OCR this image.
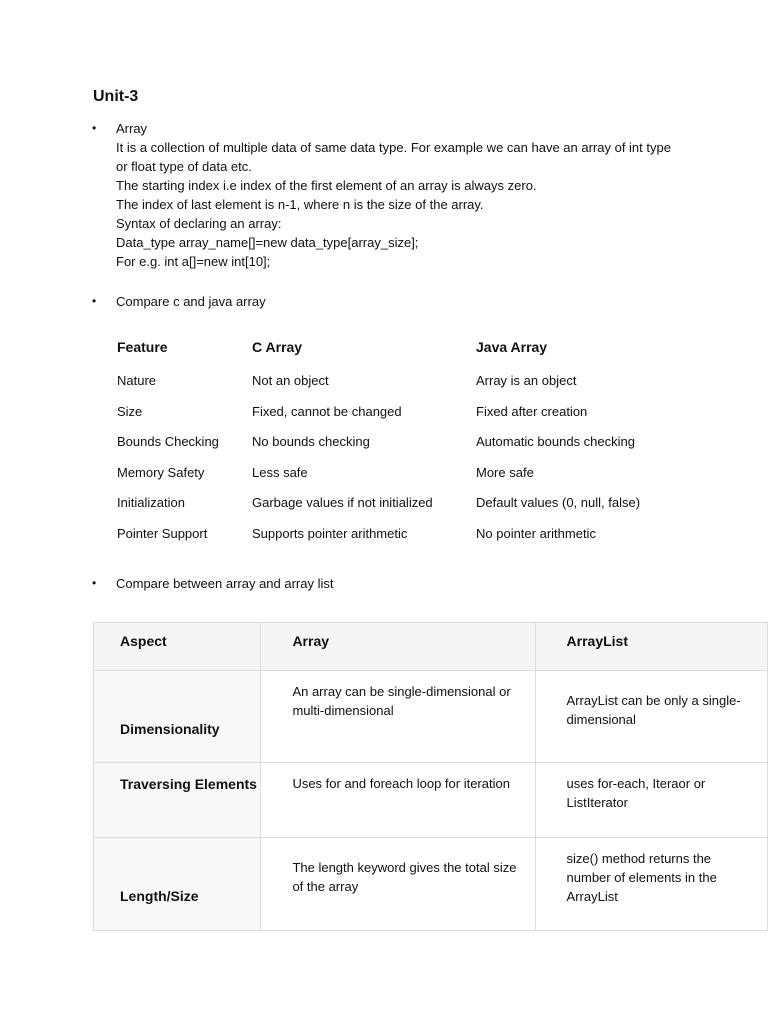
Unit-3
• Array
It is a collection of multiple data of same data type. For example we can have an array of int type or float type of data etc.
The starting index i.e index of the first element of an array is always zero.
The index of last element is n-1, where n is the size of the array.
Syntax of declaring an array:
Data_type array_name[]=new data_type[array_size];
For e.g. int a[]=new int[10];
• Compare c and java array
Feature	C Array	Java Array
Nature	Not an object	Array is an object
Size	Fixed, cannot be changed	Fixed after creation
Bounds Checking	No bounds checking	Automatic bounds checking
Memory Safety	Less safe	More safe
Initialization	Garbage values if not initialized	Default values (0, null, false)
Pointer Support	Supports pointer arithmetic	No pointer arithmetic
• Compare between array and array list
Aspect	Array	ArrayList

Dimensionality	An array can be single-dimensional or multi-dimensional	ArrayList can be only a single-dimensional
Traversing Elements	Uses for and foreach loop for iteration	uses for-each, Iteraor or ListIterator
Length/Size	The length keyword gives the total size of the array	size() method returns the number of elements in the ArrayList
